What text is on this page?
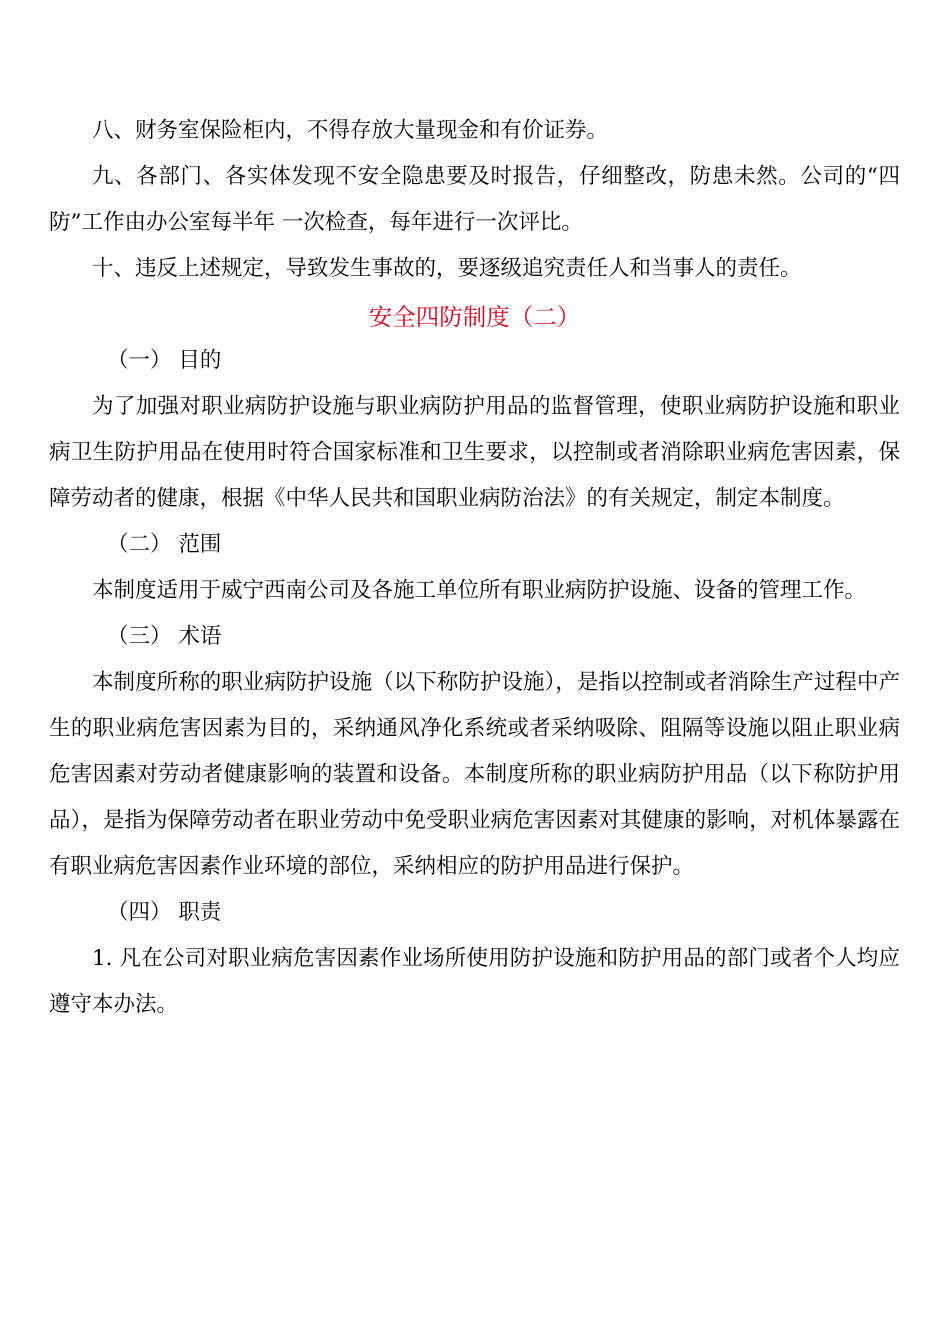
八、财务室保险柜内，不得存放大量现金和有价证券。

九、各部门、各实体发现不安全隐患要及时报告，仔细整改，防患未然。公司的“四防”工作由办公室每半年 一次检查，每年进行一次评比。

十、违反上述规定，导致发生事故的，要逐级追究责任人和当事人的责任。

安全四防制度（二）

（一） 目的

为了加强对职业病防护设施与职业病防护用品的监督管理，使职业病防护设施和职业病卫生防护用品在使用时符合国家标准和卫生要求，以控制或者消除职业病危害因素，保障劳动者的健康，根据《中华人民共和国职业病防治法》的有关规定，制定本制度。

（二） 范围

本制度适用于威宁西南公司及各施工单位所有职业病防护设施、设备的管理工作。

（三） 术语

本制度所称的职业病防护设施（以下称防护设施），是指以控制或者消除生产过程中产生的职业病危害因素为目的，采纳通风净化系统或者采纳吸除、阻隔等设施以阻止职业病危害因素对劳动者健康影响的装置和设备。本制度所称的职业病防护用品（以下称防护用品），是指为保障劳动者在职业劳动中免受职业病危害因素对其健康的影响，对机体暴露在有职业病危害因素作业环境的部位，采纳相应的防护用品进行保护。

（四） 职责

1. 凡在公司对职业病危害因素作业场所使用防护设施和防护用品的部门或者个人均应遵守本办法。
